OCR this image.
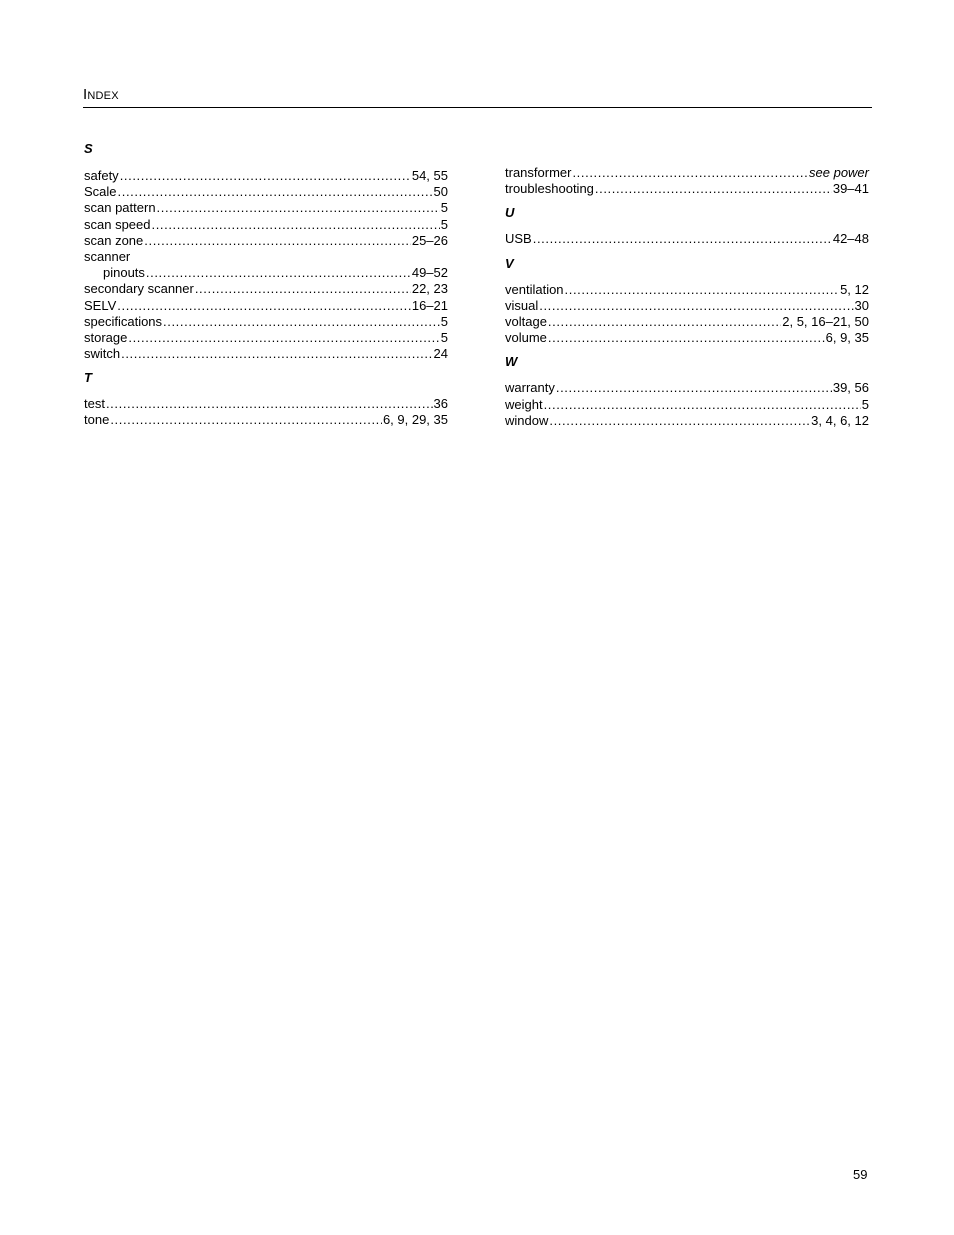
Index
S
safety .....	54, 55
Scale .....	50
scan pattern .....	5
scan speed .....	5
scan zone .....	25–26
scanner
pinouts .....	49–52
secondary scanner .....	22, 23
SELV .....	16–21
specifications .....	5
storage .....	5
switch .....	24
T
test .....	36
tone .....	6, 9, 29, 35
transformer .....	see power
troubleshooting .....	39–41
U
USB .....	42–48
V
ventilation .....	5, 12
visual .....	30
voltage .....	2, 5, 16–21, 50
volume .....	6, 9, 35
W
warranty .....	39, 56
weight .....	5
window .....	3, 4, 6, 12
59
